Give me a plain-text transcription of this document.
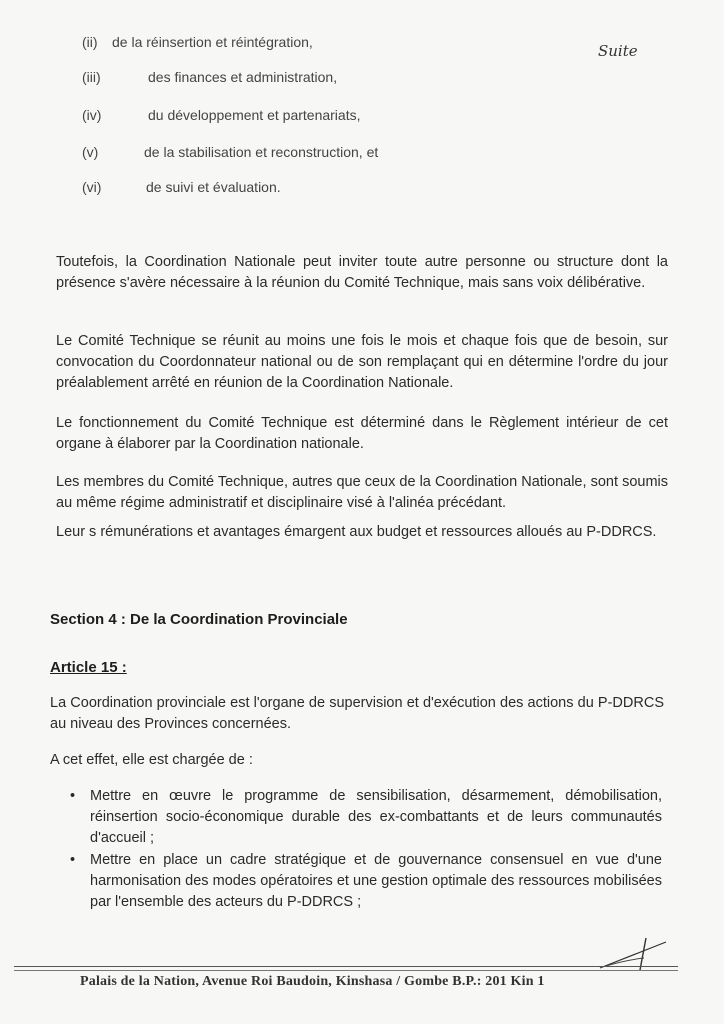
Suite
(ii) de la réinsertion et réintégration,
(iii)	des finances et administration,
(iv)	du développement et partenariats,
(v)	de la stabilisation et reconstruction, et
(vi)	de suivi et évaluation.
Toutefois, la Coordination Nationale peut inviter toute autre personne ou structure dont la présence s'avère nécessaire à la réunion du Comité Technique, mais sans voix délibérative.
Le Comité Technique se réunit au moins une fois le mois et chaque fois que de besoin, sur convocation du Coordonnateur national ou de son remplaçant qui en détermine l'ordre du jour préalablement arrêté en réunion de la Coordination Nationale.
Le fonctionnement du Comité Technique est déterminé dans le Règlement intérieur de cet organe à élaborer par la Coordination nationale.
Les membres du Comité Technique, autres que ceux de la Coordination Nationale, sont soumis au même régime administratif et disciplinaire visé à l'alinéa précédant.
Leur s rémunérations et avantages émargent aux budget et ressources alloués au P-DDRCS.
Section 4 : De la Coordination Provinciale
Article 15 :
La Coordination provinciale est l'organe de supervision et d'exécution des actions du P-DDRCS au niveau des Provinces concernées.
A cet effet, elle est chargée de :
• Mettre en œuvre le programme de sensibilisation, désarmement, démobilisation, réinsertion socio-économique durable des ex-combattants et de leurs communautés d'accueil ;
• Mettre en place un cadre stratégique et de gouvernance consensuel en vue d'une harmonisation des modes opératoires et une gestion optimale des ressources mobilisées par l'ensemble des acteurs du P-DDRCS ;
Palais de la Nation, Avenue Roi Baudoin, Kinshasa / Gombe B.P.: 201 Kin 1
